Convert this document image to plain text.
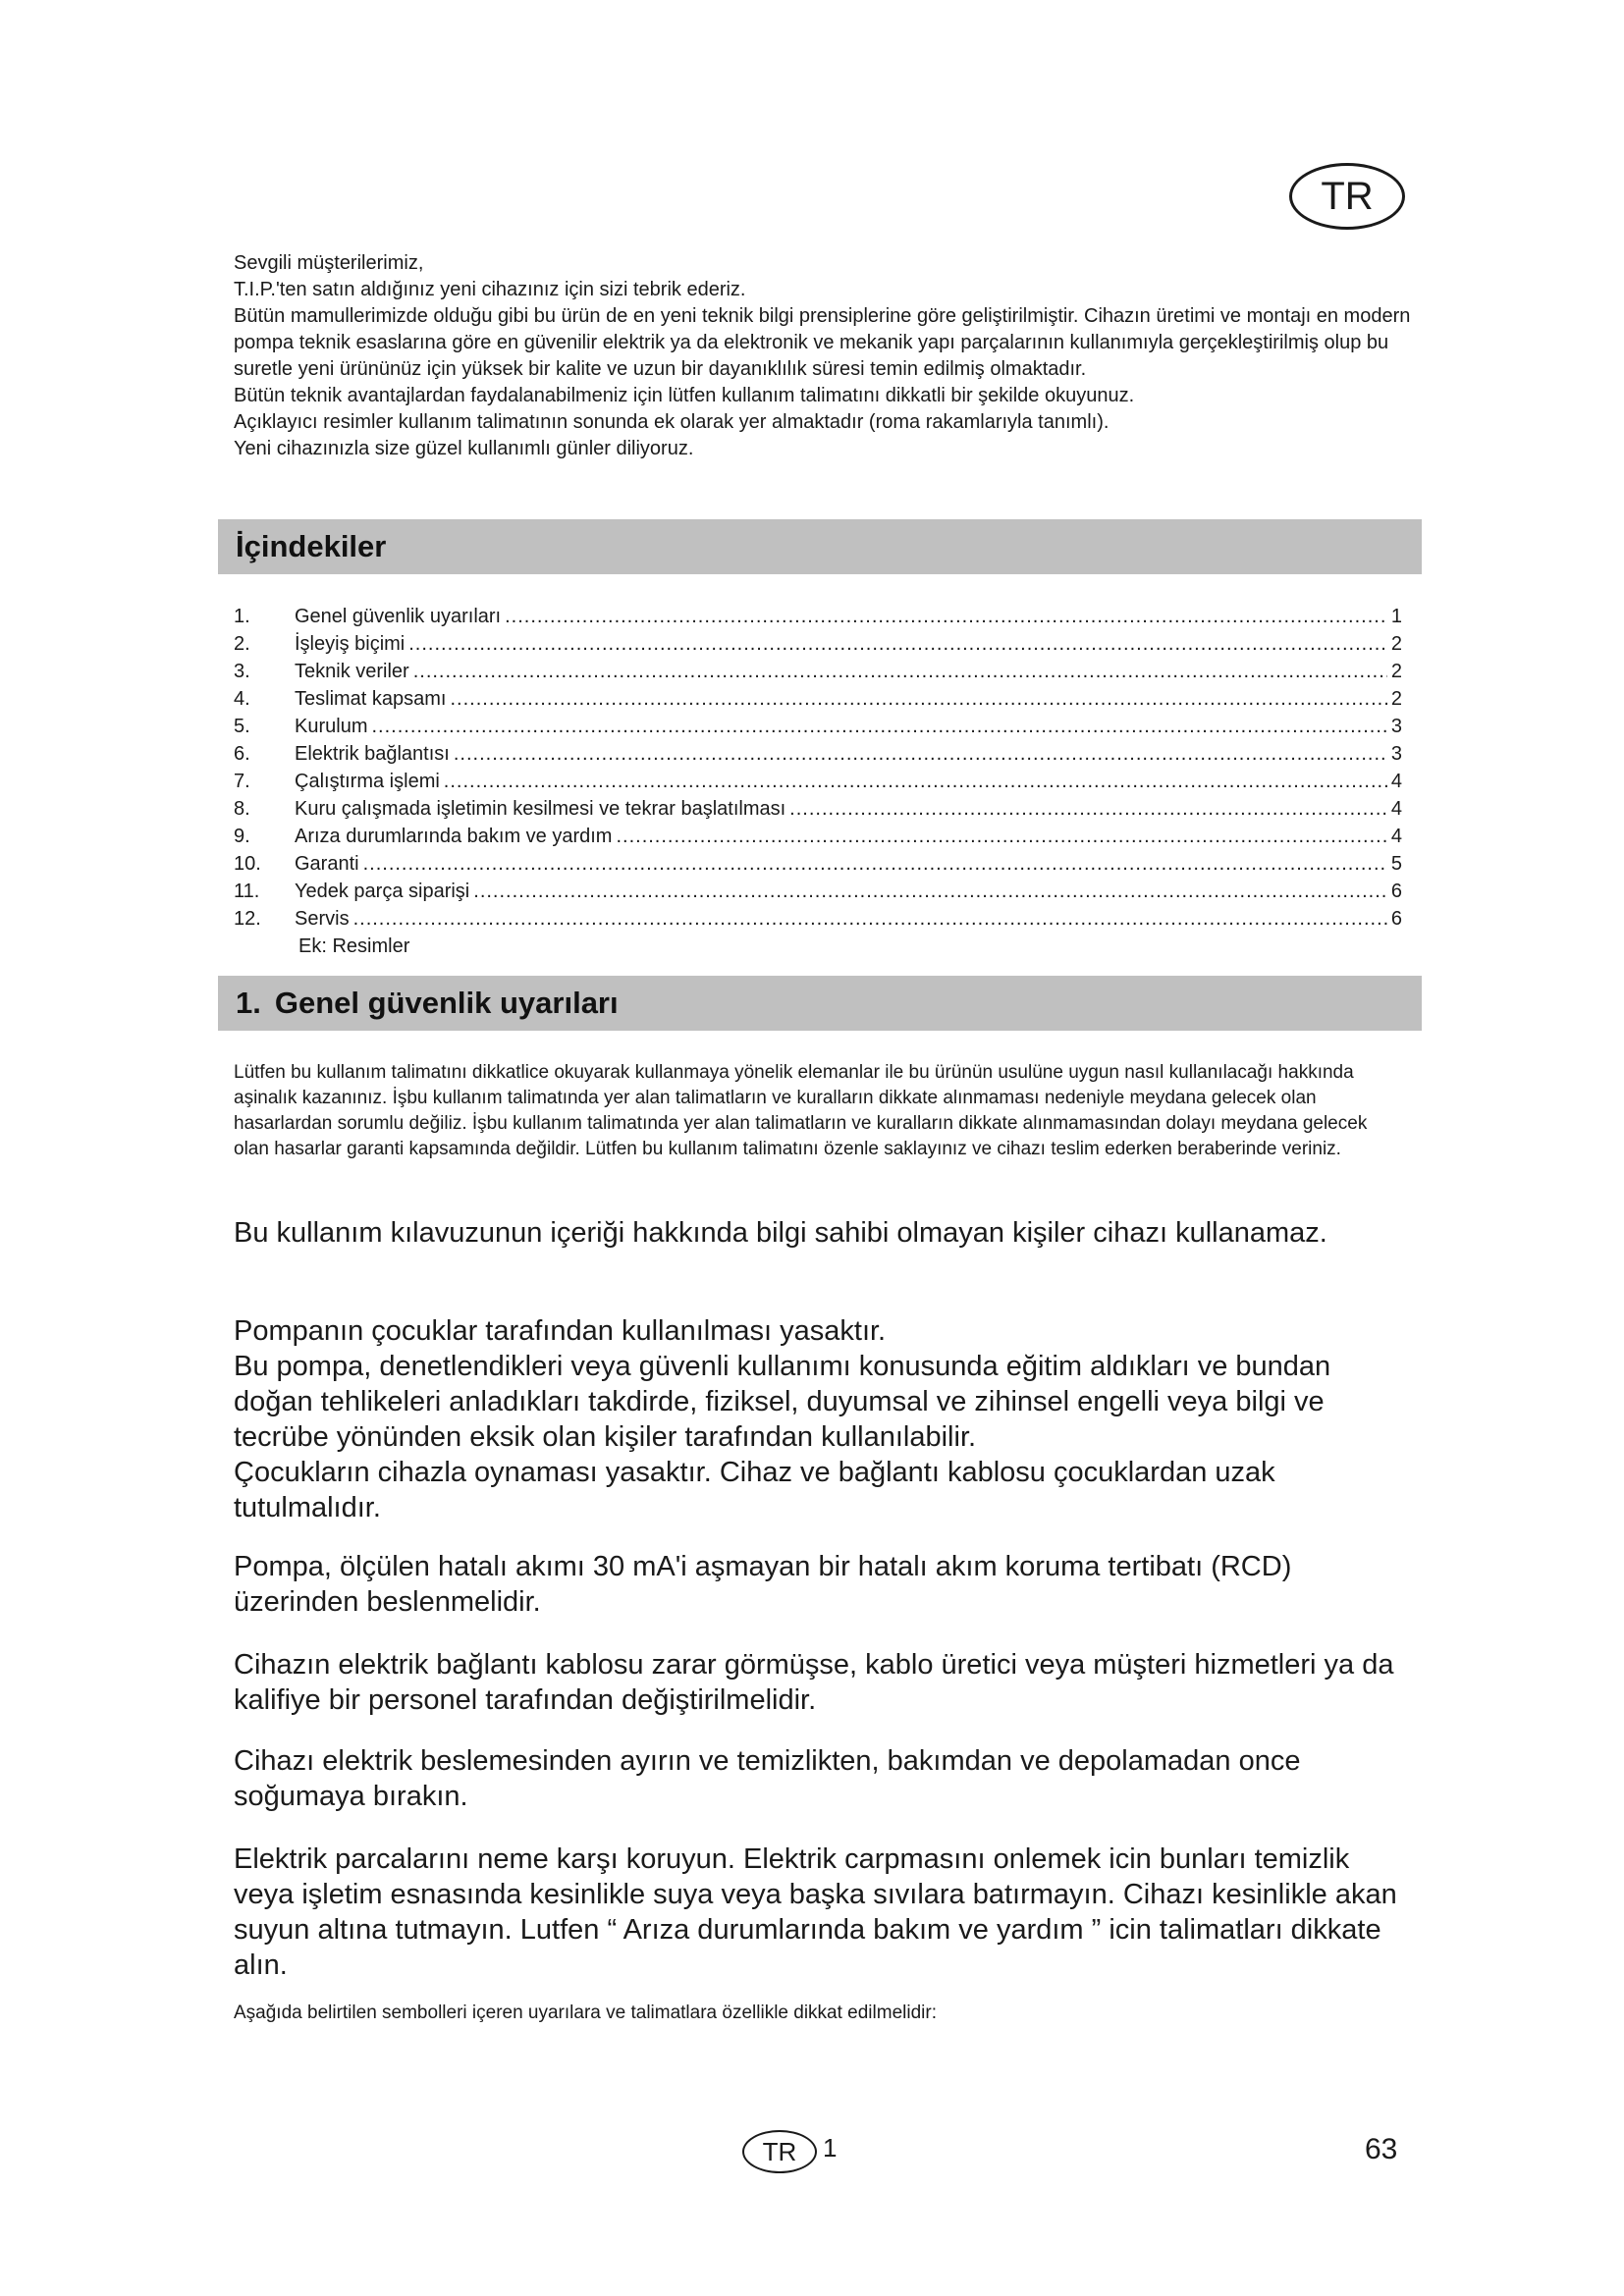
TR

Sevgili müşterilerimiz,

T.I.P.'ten satın aldığınız yeni cihazınız için sizi tebrik ederiz.

Bütün mamullerimizde olduğu gibi bu ürün de en yeni teknik bilgi prensiplerine göre geliştirilmiştir. Cihazın üretimi ve montajı en modern pompa teknik esaslarına göre en güvenilir elektrik ya da elektronik ve mekanik yapı parçalarının kullanımıyla gerçekleştirilmiş olup bu suretle yeni ürününüz için yüksek bir kalite ve uzun bir dayanıklılık süresi temin edilmiş olmaktadır.

Bütün teknik avantajlardan faydalanabilmeniz için lütfen kullanım talimatını dikkatli bir şekilde okuyunuz.

Açıklayıcı resimler kullanım talimatının sonunda ek olarak yer almaktadır (roma rakamlarıyla tanımlı).

Yeni cihazınızla size güzel kullanımlı günler diliyoruz.

İçindekiler
1.	Genel güvenlik uyarıları .....	1
2.	İşleyiş biçimi .....	2
3.	Teknik veriler .....	2
4.	Teslimat kapsamı .....	2
5.	Kurulum .....	3
6.	Elektrik bağlantısı .....	3
7.	Çalıştırma işlemi .....	4
8.	Kuru çalışmada işletimin kesilmesi ve tekrar başlatılması .....	4
9.	Arıza durumlarında bakım ve yardım .....	4
10.	Garanti .....	5
11.	Yedek parça siparişi .....	6
12.	Servis .....	6
Ek: Resimler
1. Genel güvenlik uyarıları

Lütfen bu kullanım talimatını dikkatlice okuyarak kullanmaya yönelik elemanlar ile bu ürünün usulüne uygun nasıl kullanılacağı hakkında aşinalık kazanınız. İşbu kullanım talimatında yer alan talimatların ve kuralların dikkate alınmaması nedeniyle meydana gelecek olan hasarlardan sorumlu değiliz. İşbu kullanım talimatında yer alan talimatların ve kuralların dikkate alınmamasından dolayı meydana gelecek olan hasarlar garanti kapsamında değildir. Lütfen bu kullanım talimatını özenle saklayınız ve cihazı teslim ederken beraberinde veriniz.

Bu kullanım kılavuzunun içeriği hakkında bilgi sahibi olmayan kişiler cihazı kullanamaz.

Pompanın çocuklar tarafından kullanılması yasaktır.

Bu pompa, denetlendikleri veya güvenli kullanımı konusunda eğitim aldıkları ve bundan doğan tehlikeleri anladıkları takdirde, fiziksel, duyumsal ve zihinsel engelli veya bilgi ve tecrübe yönünden eksik olan kişiler tarafından kullanılabilir.

Çocukların cihazla oynaması yasaktır. Cihaz ve bağlantı kablosu çocuklardan uzak tutulmalıdır.

Pompa, ölçülen hatalı akımı 30 mA'i aşmayan bir hatalı akım koruma tertibatı (RCD) üzerinden beslenmelidir.

Cihazın elektrik bağlantı kablosu zarar görmüşse, kablo üretici veya müşteri hizmetleri ya da kalifiye bir personel tarafından değiştirilmelidir.

Cihazı elektrik beslemesinden ayırın ve temizlikten, bakımdan ve depolamadan once soğumaya bırakın.

Elektrik parcalarını neme karşı koruyun. Elektrik carpmasını onlemek icin bunları temizlik veya işletim esnasında kesinlikle suya veya başka sıvılara batırmayın. Cihazı kesinlikle akan suyun altına tutmayın. Lutfen “ Arıza durumlarında bakım ve yardım ” icin talimatları dikkate alın.

Aşağıda belirtilen sembolleri içeren uyarılara ve talimatlara özellikle dikkat edilmelidir:

TR	1	63
